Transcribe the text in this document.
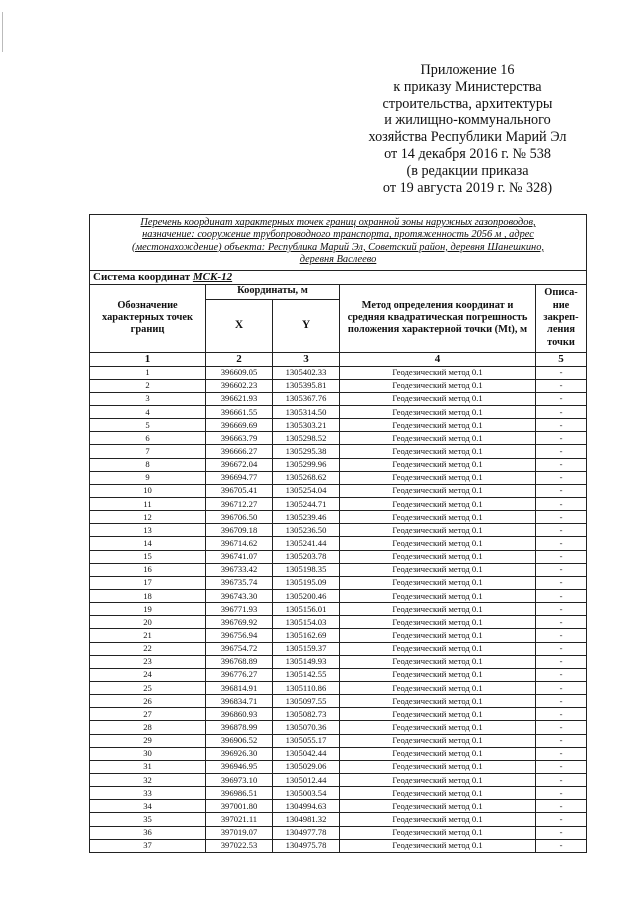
Приложение 16
к приказу Министерства
строительства, архитектуры
и жилищно-коммунального
хозяйства Республики Марий Эл
от 14 декабря 2016 г. № 538
(в редакции приказа
от 19 августа 2019 г. № 328)
Перечень координат характерных точек границ охранной зоны наружных газопроводов,
назначение: сооружение трубопроводного транспорта, протяженность 2056 м , адрес
(местонахождение) объекта: Республика Марий Эл, Советский район, деревня Шанешкино,
деревня Васлеево				
Система координат МСК-12				
Обозначение характерных точек границ	Координаты, м		Метод определения координат и средняя квадратическая погрешность положения характерной точки (Mt), м	Описа-ние закреп-ления точки
	X	Y		
1	2	3	4	5
1	396609.05	1305402.33	Геодезический метод 0.1	-
2	396602.23	1305395.81	Геодезический метод 0.1	-
3	396621.93	1305367.76	Геодезический метод 0.1	-
4	396661.55	1305314.50	Геодезический метод 0.1	-
5	396669.69	1305303.21	Геодезический метод 0.1	-
6	396663.79	1305298.52	Геодезический метод 0.1	-
7	396666.27	1305295.38	Геодезический метод 0.1	-
8	396672.04	1305299.96	Геодезический метод 0.1	-
9	396694.77	1305268.62	Геодезический метод 0.1	-
10	396705.41	1305254.04	Геодезический метод 0.1	-
11	396712.27	1305244.71	Геодезический метод 0.1	-
12	396706.50	1305239.46	Геодезический метод 0.1	-
13	396709.18	1305236.50	Геодезический метод 0.1	-
14	396714.62	1305241.44	Геодезический метод 0.1	-
15	396741.07	1305203.78	Геодезический метод 0.1	-
16	396733.42	1305198.35	Геодезический метод 0.1	-
17	396735.74	1305195.09	Геодезический метод 0.1	-
18	396743.30	1305200.46	Геодезический метод 0.1	-
19	396771.93	1305156.01	Геодезический метод 0.1	-
20	396769.92	1305154.03	Геодезический метод 0.1	-
21	396756.94	1305162.69	Геодезический метод 0.1	-
22	396754.72	1305159.37	Геодезический метод 0.1	-
23	396768.89	1305149.93	Геодезический метод 0.1	-
24	396776.27	1305142.55	Геодезический метод 0.1	-
25	396814.91	1305110.86	Геодезический метод 0.1	-
26	396834.71	1305097.55	Геодезический метод 0.1	-
27	396860.93	1305082.73	Геодезический метод 0.1	-
28	396878.99	1305070.36	Геодезический метод 0.1	-
29	396906.52	1305055.17	Геодезический метод 0.1	-
30	396926.30	1305042.44	Геодезический метод 0.1	-
31	396946.95	1305029.06	Геодезический метод 0.1	-
32	396973.10	1305012.44	Геодезический метод 0.1	-
33	396986.51	1305003.54	Геодезический метод 0.1	-
34	397001.80	1304994.63	Геодезический метод 0.1	-
35	397021.11	1304981.32	Геодезический метод 0.1	-
36	397019.07	1304977.78	Геодезический метод 0.1	-
37	397022.53	1304975.78	Геодезический метод 0.1	-
